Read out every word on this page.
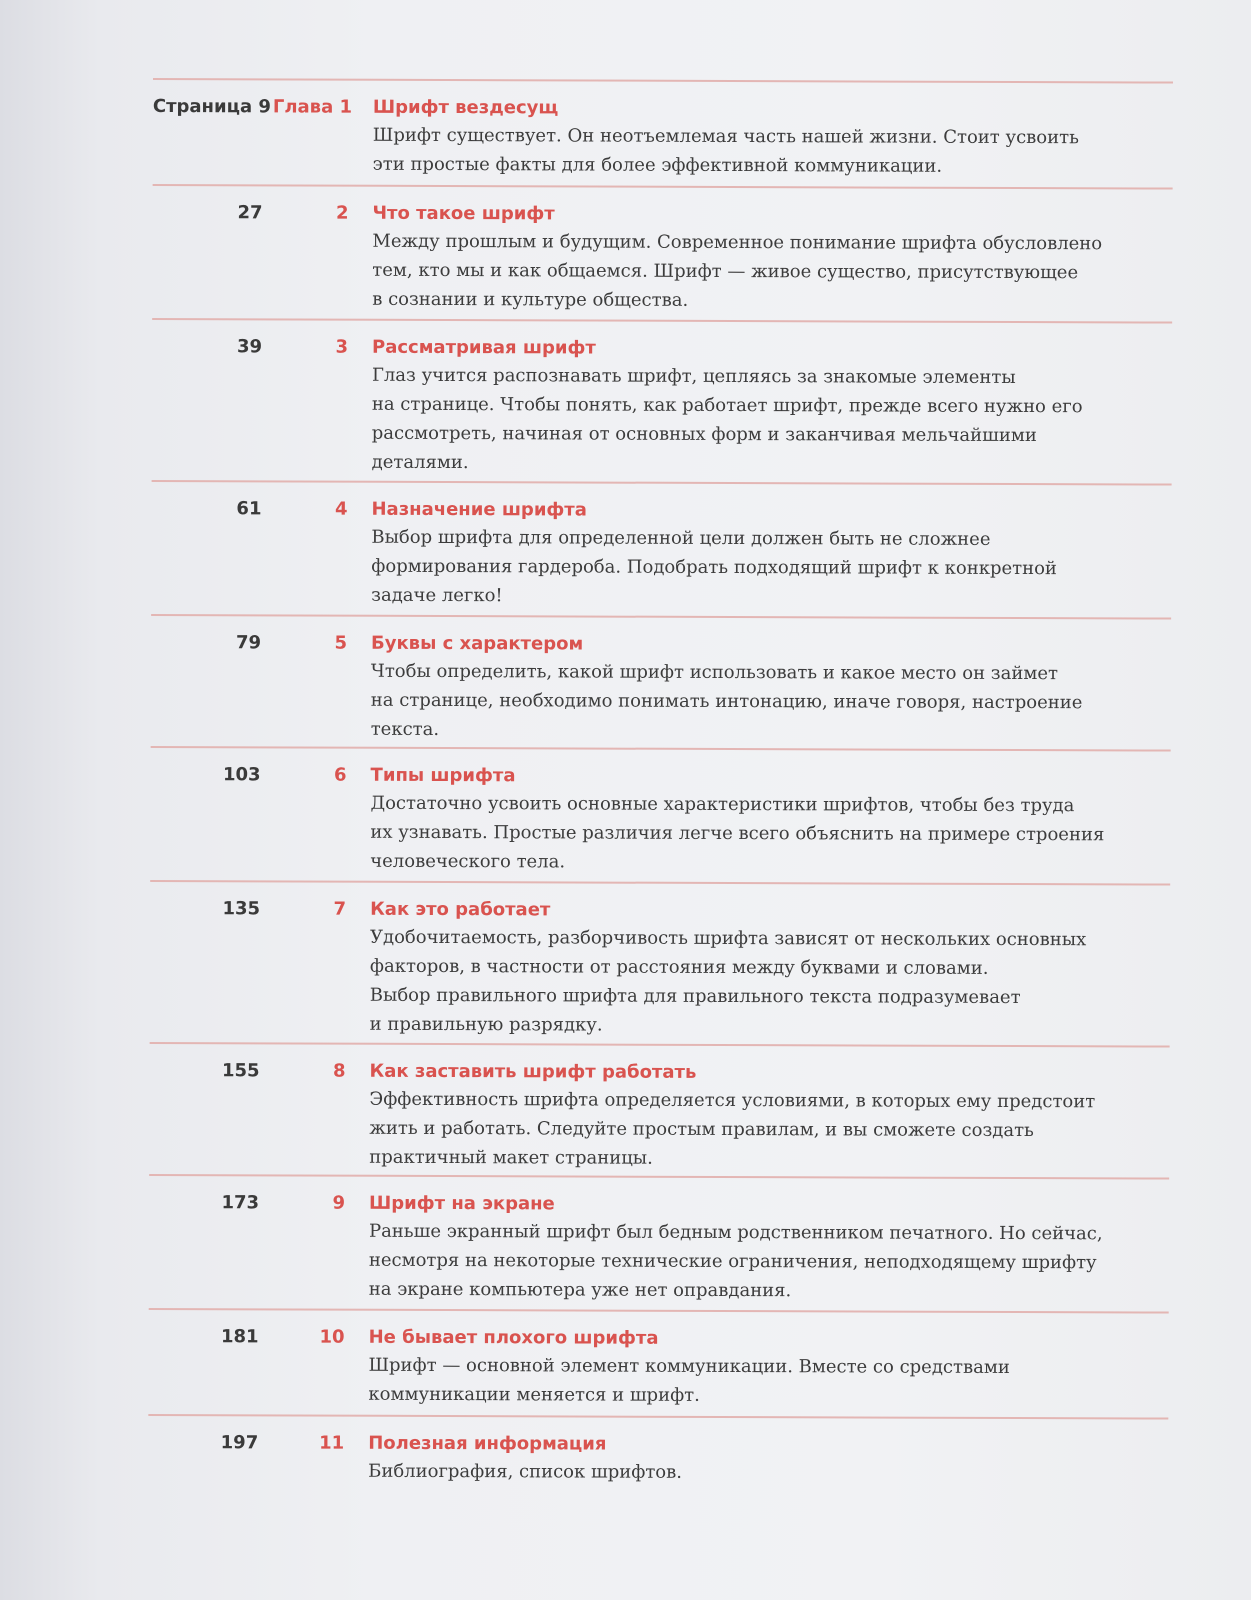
Страница 9 Глава 1 Шрифт вездесущ
Шрифт существует. Он неотъемлемая часть нашей жизни. Стоит усвоить
эти простые факты для более эффективной коммуникации.
27	2 Что такое шрифт
Между прошлым и будущим. Современное понимание шрифта обусловлено
тем, кто мы и как общаемся. Шрифт — живое существо, присутствующее
в сознании и культуре общества.
39	3 Рассматривая шрифт
Глаз учится распознавать шрифт, цепляясь за знакомые элементы
на странице. Чтобы понять, как работает шрифт, прежде всего нужно его
рассмотреть, начиная от основных форм и заканчивая мельчайшими
деталями.
61	4 Назначение шрифта
Выбор шрифта для определенной цели должен быть не сложнее
формирования гардероба. Подобрать подходящий шрифт к конкретной
задаче легко!
79	5 Буквы с характером
Чтобы определить, какой шрифт использовать и какое место он займет
на странице, необходимо понимать интонацию, иначе говоря, настроение
текста.
103	6 Типы шрифта
Достаточно усвоить основные характеристики шрифтов, чтобы без труда
их узнавать. Простые различия легче всего объяснить на примере строения
человеческого тела.
135	7 Как это работает
Удобочитаемость, разборчивость шрифта зависят от нескольких основных
факторов, в частности от расстояния между буквами и словами.
Выбор правильного шрифта для правильного текста подразумевает
и правильную разрядку.
155	8 Как заставить шрифт работать
Эффективность шрифта определяется условиями, в которых ему предстоит
жить и работать. Следуйте простым правилам, и вы сможете создать
практичный макет страницы.
173	9 Шрифт на экране
Раньше экранный шрифт был бедным родственником печатного. Но сейчас,
несмотря на некоторые технические ограничения, неподходящему шрифту
на экране компьютера уже нет оправдания.
181	10 Не бывает плохого шрифта
Шрифт — основной элемент коммуникации. Вместе со средствами
коммуникации меняется и шрифт.
197	11 Полезная информация
Библиография, список шрифтов.
